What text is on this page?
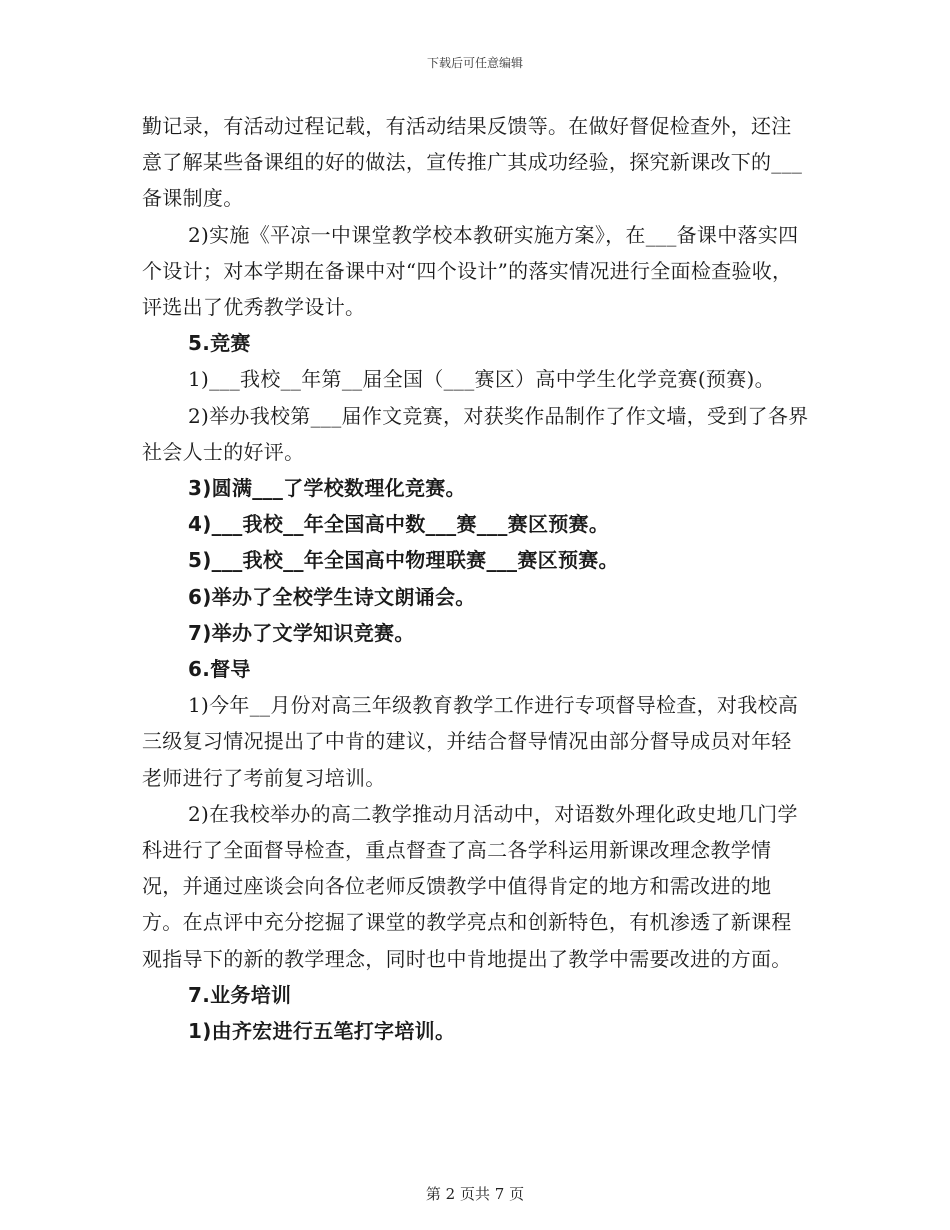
下载后可任意编辑

勤记录，有活动过程记载，有活动结果反馈等。在做好督促检查外，还注意了解某些备课组的好的做法，宣传推广其成功经验，探究新课改下的___备课制度。

2)实施《平凉一中课堂教学校本教研实施方案》，在___备课中落实四个设计；对本学期在备课中对“四个设计”的落实情况进行全面检查验收，评选出了优秀教学设计。

5.竞赛

1)___我校__年第__届全国（___赛区）高中学生化学竞赛(预赛)。

2)举办我校第___届作文竞赛，对获奖作品制作了作文墙，受到了各界社会人士的好评。

3)圆满___了学校数理化竞赛。

4)___我校__年全国高中数___赛___赛区预赛。

5)___我校__年全国高中物理联赛___赛区预赛。

6)举办了全校学生诗文朗诵会。

7)举办了文学知识竞赛。

6.督导

1)今年__月份对高三年级教育教学工作进行专项督导检查，对我校高三级复习情况提出了中肯的建议，并结合督导情况由部分督导成员对年轻老师进行了考前复习培训。

2)在我校举办的高二教学推动月活动中，对语数外理化政史地几门学科进行了全面督导检查，重点督查了高二各学科运用新课改理念教学情况，并通过座谈会向各位老师反馈教学中值得肯定的地方和需改进的地方。在点评中充分挖掘了课堂的教学亮点和创新特色，有机渗透了新课程观指导下的新的教学理念，同时也中肯地提出了教学中需要改进的方面。

7.业务培训

1)由齐宏进行五笔打字培训。

第 2 页共 7 页
